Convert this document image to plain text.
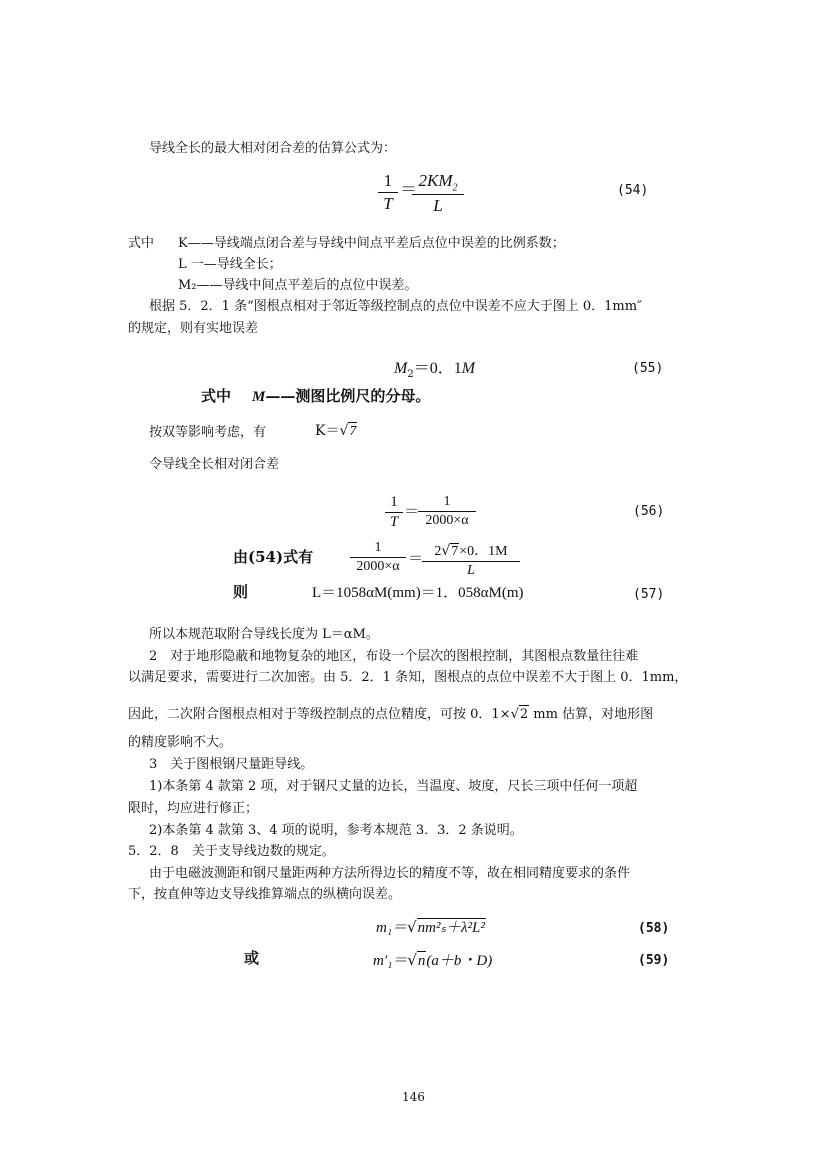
导线全长的最大相对闭合差的估算公式为：
1
T
＝ $2KM_2$
L
(54)
式中 K——导线端点闭合差与导线中间点平差后点位中误差的比例系数；
L 一—导线全长；
M₂——导线中间点平差后的点位中误差。
根据 5．2．1 条“图根点相对于邻近等级控制点的点位中误差不应大于图上 0．1mm″
的规定，则有实地误差
$M_2=0$．1M	(55)
式中 M——测图比例尺的分母。
按双等影响考虑，有	K＝√7
令导线全长相对闭合差
1
T
＝
1
2000×α
(56)
由(54)式有
1
2000×α ＝ 2√7×0．1M
L
则	L＝1058αM(mm)＝1．058αM(m)	(57)
所以本规范取附合导线长度为 L＝αM。
2　对于地形隐蔽和地物复杂的地区，布设一个层次的图根控制，其图根点数量往往难
以满足要求，需要进行二次加密。由 5．2．1 条知，图根点的点位中误差不大于图上 0．1mm，
因此，二次附合图根点相对于等级控制点的点位精度，可按 0．1×√2 mm 估算，对地形图
的精度影响不大。
3　关于图根钢尺量距导线。
1)本条第 4 款第 2 项，对于钢尺丈量的边长，当温度、坡度，尺长三项中任何一项超
限时，均应进行修正；
2)本条第 4 款第 3、4 项的说明，参考本规范 3．3．2 条说明。
5．2．8　关于支导线边数的规定。
由于电磁波测距和钢尺量距两种方法所得边长的精度不等，故在相同精度要求的条件
下，按直伸等边支导线推算端点的纵横向误差。
m₁＝√nm²ₛ＋λ²L²	(58)
或	m′₁＝√n(a＋b・D)	(59)
146
